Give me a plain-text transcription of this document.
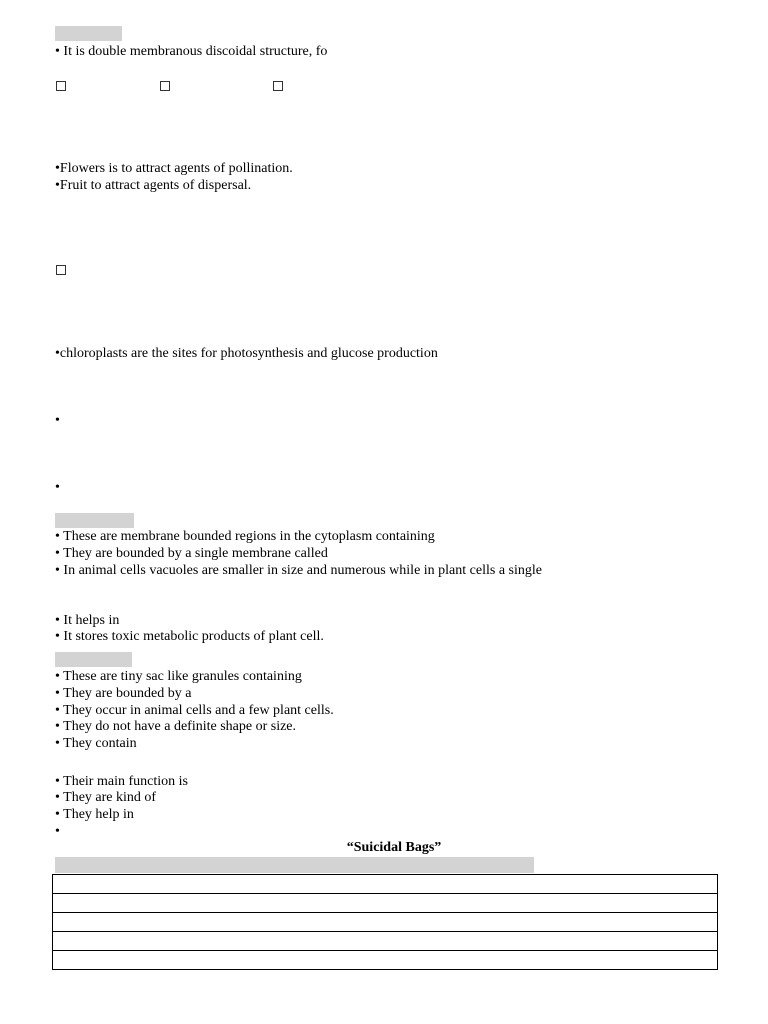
• It is double membranous discoidal structure, fo
•Flowers is to attract agents of pollination.
•Fruit to attract agents of dispersal.
•chloroplasts are the sites for photosynthesis and glucose production
•
•
• These are membrane bounded regions in the cytoplasm containing
• They are bounded by a single membrane called
• In animal cells vacuoles are smaller in size and numerous while in plant cells a single
• It helps in
• It stores toxic metabolic products of plant cell.
• These are tiny sac like granules containing
• They are bounded by a
• They occur in animal cells and a few plant cells.
• They do not have a definite shape or size.
• They contain
• Their main function is
• They are kind of
• They help in
•
“Suicidal Bags”
